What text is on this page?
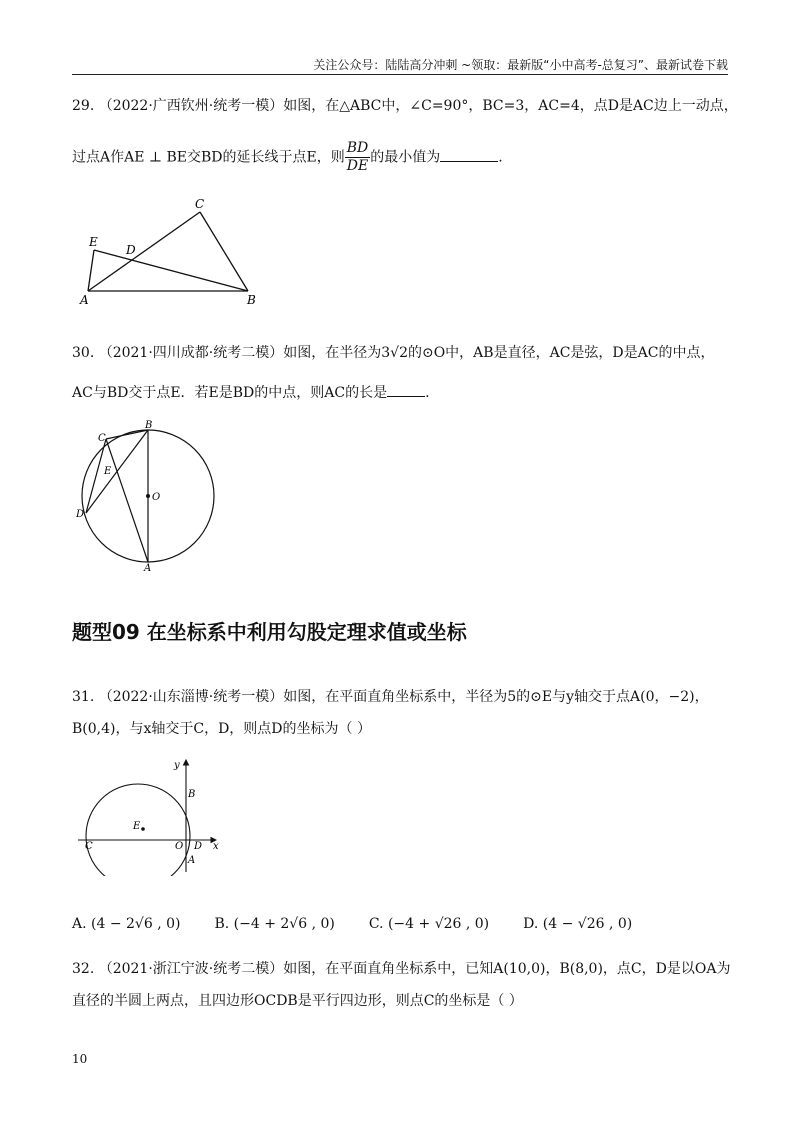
关注公众号：陆陆高分冲刺 ~领取：最新版“小中高考-总复习”、最新试卷下载
29. （2022·广西钦州·统考一模）如图，在△ABC中，∠C=90°，BC=3，AC=4，点D是AC边上一动点，
过点A作AE ⊥ BE交BD的延长线于点E，则 $\frac{BD}{DE}$ 的最小值为	.
E
D
C
A	B
30. （2021·四川成都·统考二模）如图，在半径为3√2的⊙O中，AB是直径，AC是弦，D是AC的中点，
AC与BD交于点E．若E是BD的中点，则AC的长是	.
B
C
E
O
D
A
题型09 在坐标系中利用勾股定理求值或坐标
31. （2022·山东淄博·统考一模）如图，在平面直角坐标系中，半径为5的⊙E与y轴交于点A(0，−2)，
B(0,4)，与x轴交于C，D，则点D的坐标为（ ）
y
B
E
C	O D x
A
A. (4 − 2√6 , 0) B. (−4 + 2√6 , 0) C. (−4 + √26 , 0) D. (4 − √26 , 0)
32. （2021·浙江宁波·统考二模）如图，在平面直角坐标系中，已知A(10,0)，B(8,0)，点C，D是以OA为
直径的半圆上两点，且四边形OCDB是平行四边形，则点C的坐标是（ ）
10
